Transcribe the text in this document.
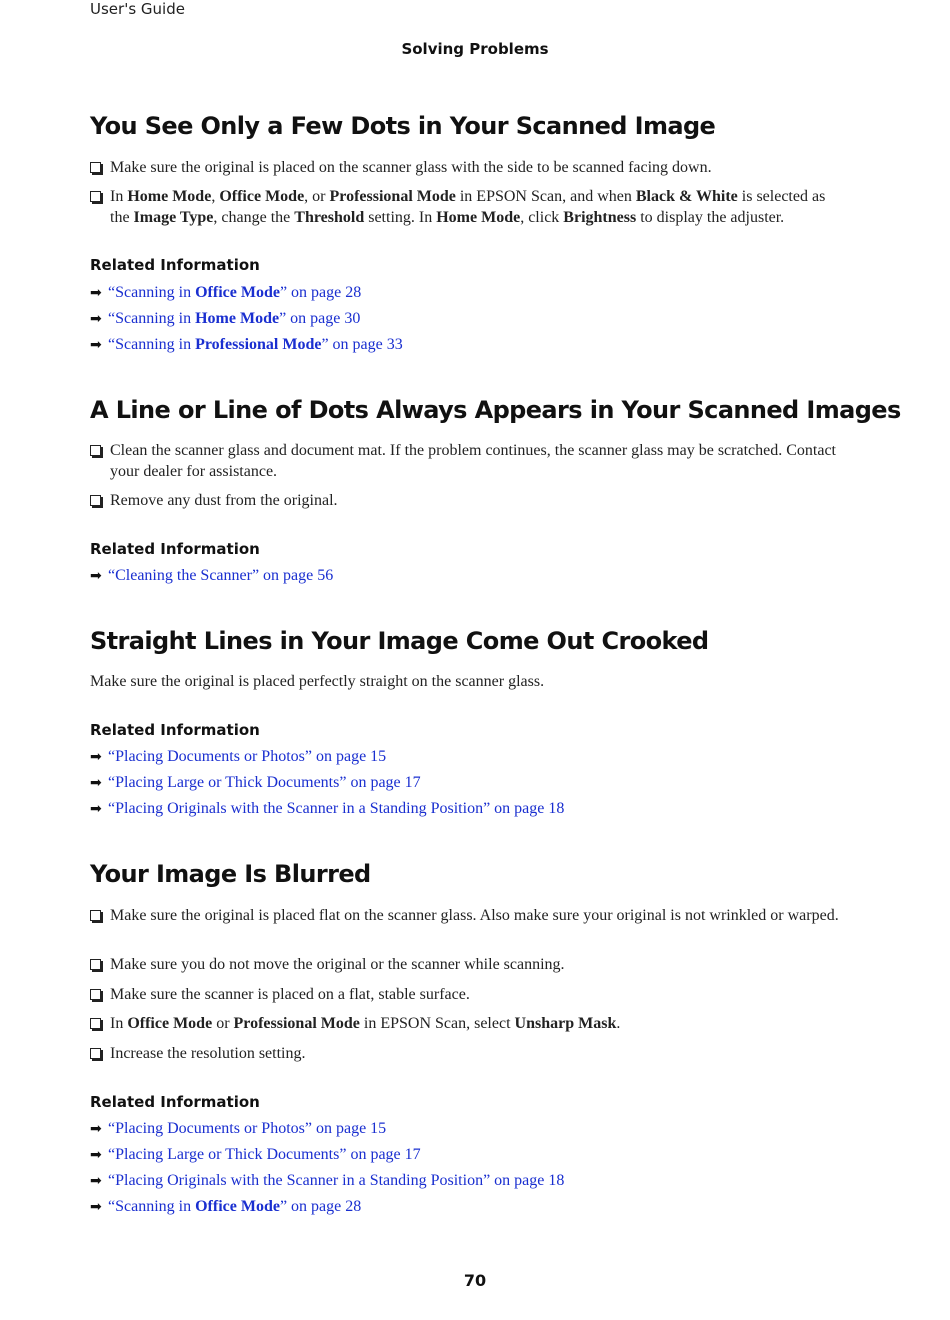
User's Guide
Solving Problems
You See Only a Few Dots in Your Scanned Image
Make sure the original is placed on the scanner glass with the side to be scanned facing down.
In Home Mode, Office Mode, or Professional Mode in EPSON Scan, and when Black & White is selected as the Image Type, change the Threshold setting. In Home Mode, click Brightness to display the adjuster.
Related Information
➡ “Scanning in Office Mode” on page 28
➡ “Scanning in Home Mode” on page 30
➡ “Scanning in Professional Mode” on page 33
A Line or Line of Dots Always Appears in Your Scanned Images
Clean the scanner glass and document mat. If the problem continues, the scanner glass may be scratched. Contact your dealer for assistance.
Remove any dust from the original.
Related Information
➡ “Cleaning the Scanner” on page 56
Straight Lines in Your Image Come Out Crooked
Make sure the original is placed perfectly straight on the scanner glass.
Related Information
➡ “Placing Documents or Photos” on page 15
➡ “Placing Large or Thick Documents” on page 17
➡ “Placing Originals with the Scanner in a Standing Position” on page 18
Your Image Is Blurred
Make sure the original is placed flat on the scanner glass. Also make sure your original is not wrinkled or warped.
Make sure you do not move the original or the scanner while scanning.
Make sure the scanner is placed on a flat, stable surface.
In Office Mode or Professional Mode in EPSON Scan, select Unsharp Mask.
Increase the resolution setting.
Related Information
➡ “Placing Documents or Photos” on page 15
➡ “Placing Large or Thick Documents” on page 17
➡ “Placing Originals with the Scanner in a Standing Position” on page 18
➡ “Scanning in Office Mode” on page 28
70
